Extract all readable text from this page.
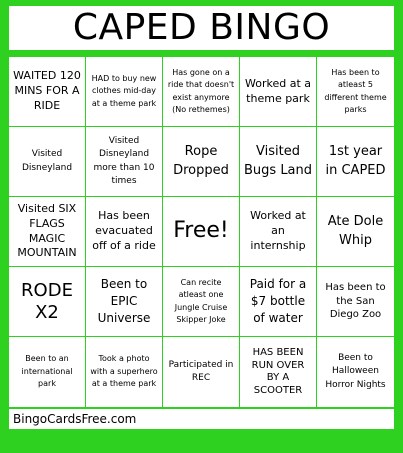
CAPED BINGO
WAITED 120 MINS FOR A RIDE
HAD to buy new clothes mid-day at a theme park
Has gone on a ride that doesn't exist anymore (No rethemes)
Worked at a theme park
Has been to atleast 5 different theme parks
Visited Disneyland
Visited Disneyland more than 10 times
Rope Dropped
Visited Bugs Land
1st year in CAPED
Visited SIX FLAGS MAGIC MOUNTAIN
Has been evacuated off of a ride
Free!
Worked at an internship
Ate Dole Whip
RODE X2
Been to EPIC Universe
Can recite atleast one Jungle Cruise Skipper Joke
Paid for a $7 bottle of water
Has been to the San Diego Zoo
Been to an international park
Took a photo with a superhero at a theme park
Participated in REC
HAS BEEN RUN OVER BY A SCOOTER
Been to Halloween Horror Nights
BingoCardsFree.com
